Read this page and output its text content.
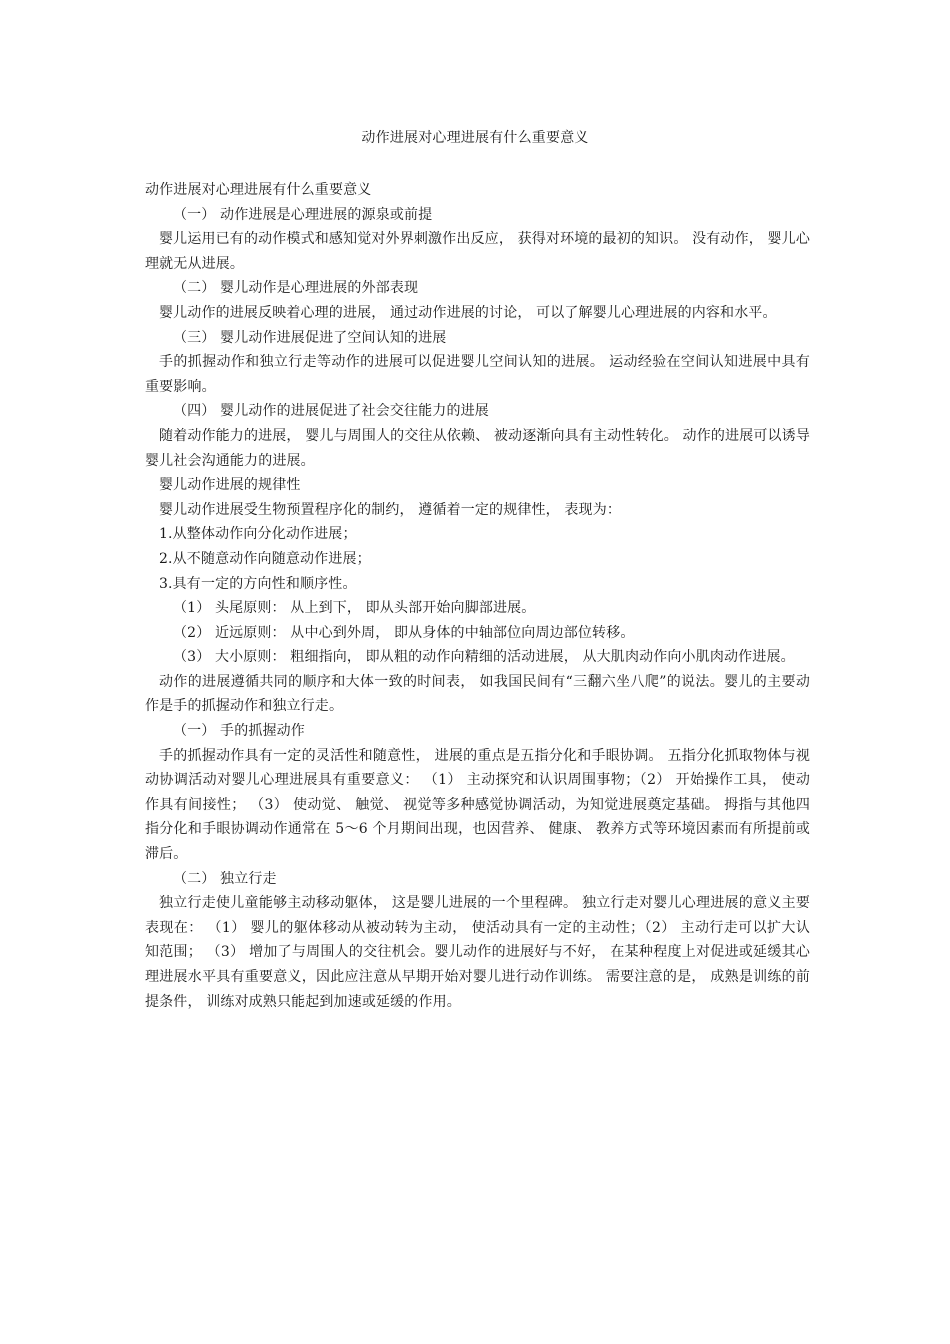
动作进展对心理进展有什么重要意义

动作进展对心理进展有什么重要意义

（一） 动作进展是心理进展的源泉或前提

婴儿运用已有的动作模式和感知觉对外界刺激作出反应， 获得对环境的最初的知识。 没有动作， 婴儿心理就无从进展。

（二） 婴儿动作是心理进展的外部表现

婴儿动作的进展反映着心理的进展， 通过动作进展的讨论， 可以了解婴儿心理进展的内容和水平。

（三） 婴儿动作进展促进了空间认知的进展

手的抓握动作和独立行走等动作的进展可以促进婴儿空间认知的进展。 运动经验在空间认知进展中具有重要影响。

（四） 婴儿动作的进展促进了社会交往能力的进展

随着动作能力的进展， 婴儿与周围人的交往从依赖、 被动逐渐向具有主动性转化。 动作的进展可以诱导婴儿社会沟通能力的进展。

婴儿动作进展的规律性

婴儿动作进展受生物预置程序化的制约， 遵循着一定的规律性， 表现为：

1.从整体动作向分化动作进展；

2.从不随意动作向随意动作进展；

3.具有一定的方向性和顺序性。

（1） 头尾原则： 从上到下， 即从头部开始向脚部进展。

（2） 近远原则： 从中心到外周， 即从身体的中轴部位向周边部位转移。

（3） 大小原则： 粗细指向， 即从粗的动作向精细的活动进展， 从大肌肉动作向小肌肉动作进展。

动作的进展遵循共同的顺序和大体一致的时间表， 如我国民间有“三翻六坐八爬”的说法。婴儿的主要动作是手的抓握动作和独立行走。

（一） 手的抓握动作

手的抓握动作具有一定的灵活性和随意性， 进展的重点是五指分化和手眼协调。 五指分化抓取物体与视动协调活动对婴儿心理进展具有重要意义： （1） 主动探究和认识周围事物；（2） 开始操作工具， 使动作具有间接性； （3） 使动觉、 触觉、 视觉等多种感觉协调活动，为知觉进展奠定基础。 拇指与其他四指分化和手眼协调动作通常在 5～6 个月期间出现，也因营养、 健康、 教养方式等环境因素而有所提前或滞后。

（二） 独立行走

独立行走使儿童能够主动移动躯体， 这是婴儿进展的一个里程碑。 独立行走对婴儿心理进展的意义主要表现在： （1） 婴儿的躯体移动从被动转为主动， 使活动具有一定的主动性；（2） 主动行走可以扩大认知范围； （3） 增加了与周围人的交往机会。婴儿动作的进展好与不好， 在某种程度上对促进或延缓其心理进展水平具有重要意义，因此应注意从早期开始对婴儿进行动作训练。 需要注意的是， 成熟是训练的前提条件， 训练对成熟只能起到加速或延缓的作用。
